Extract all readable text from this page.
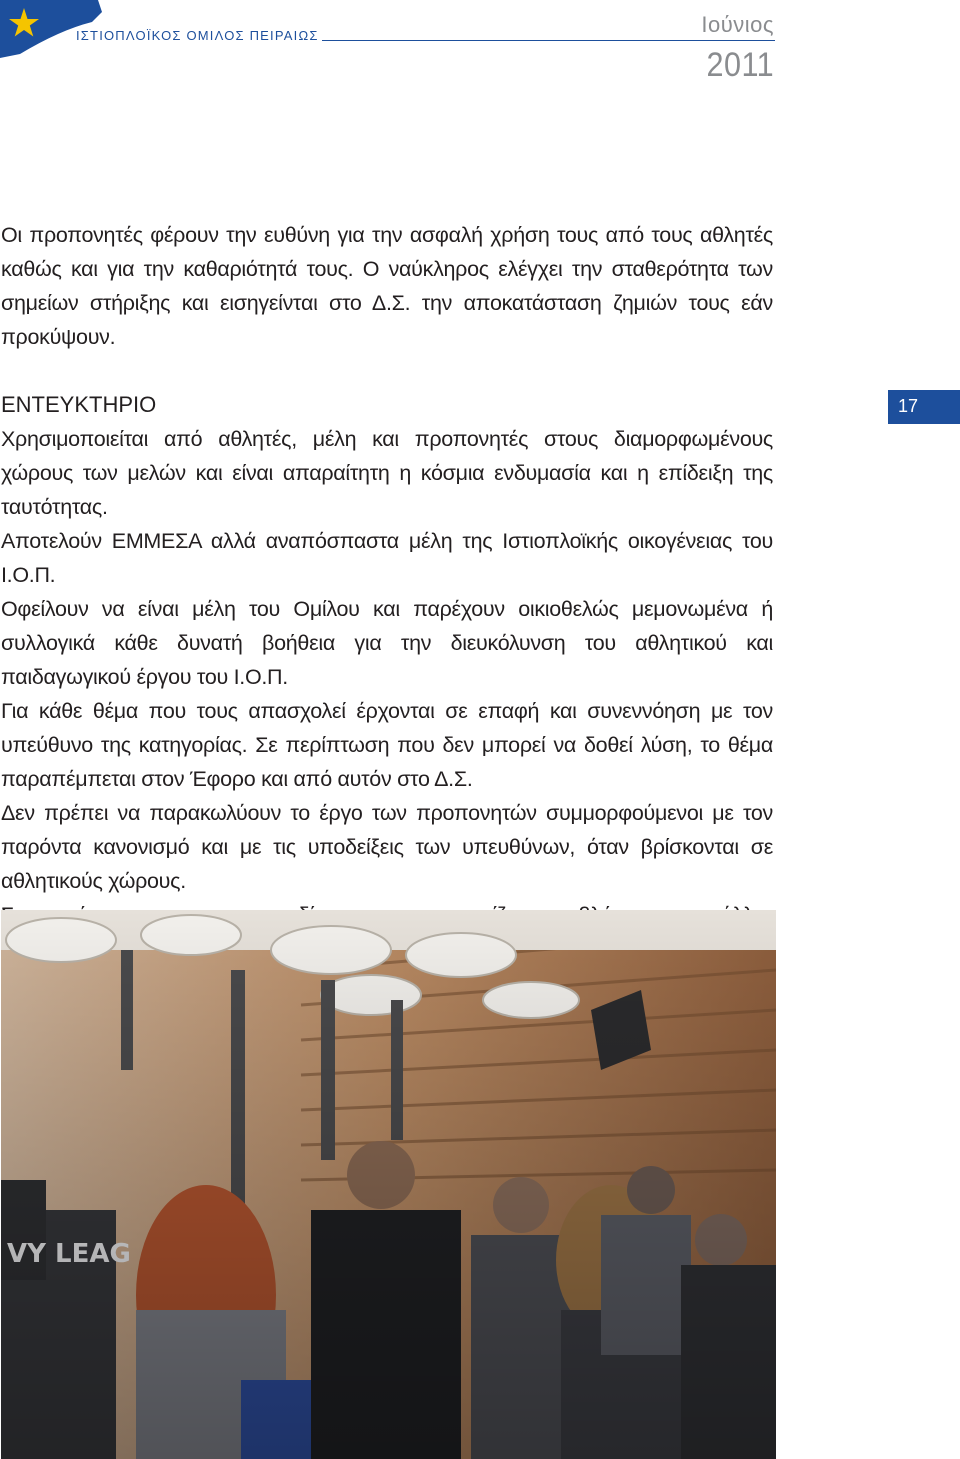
ΙΣΤΙΟΠΛΟΪΚΟΣ ΟΜΙΛΟΣ ΠΕΙΡΑΙΩΣ	Ιούνιος
2011
17

Οι προπονητές φέρουν την ευθύνη για την ασφαλή χρήση τους από τους αθλητές καθώς και για την καθαριότητά τους. Ο ναύκληρος ελέγχει την σταθερότητα των σημείων στήριξης και εισηγείνται στο Δ.Σ. την αποκατάσταση ζημιών τους εάν προκύψουν.

ΕΝΤΕΥΚΤΗΡΙΟ

Χρησιμοποιείται από αθλητές, μέλη και προπονητές στους διαμορφωμένους χώρους των μελών και είναι απαραίτητη η κόσμια ενδυμασία και η επίδειξη της ταυτότητας.

Αποτελούν ΕΜΜΕΣΑ αλλά αναπόσπαστα μέλη της Ιστιοπλοϊκής οικογένειας του Ι.Ο.Π.

Οφείλουν να είναι μέλη του Ομίλου και παρέχουν οικιοθελώς μεμονωμένα ή συλλογικά κάθε δυνατή βοήθεια για την διευκόλυνση του αθλητικού και παιδαγωγικού έργου του Ι.Ο.Π.

Για κάθε θέμα που τους απασχολεί έρχονται σε επαφή και συνεννόηση με τον υπεύθυνο της κατηγορίας. Σε περίπτωση που δεν μπορεί να δοθεί λύση, το θέμα παραπέμπεται στον Έφορο και από αυτόν στο Δ.Σ.

Δεν πρέπει να παρακωλύουν το έργο των προπονητών συμμορφούμενοι με τον παρόντα κανονισμό και με τις υποδείξεις των υπευθύνων, όταν βρίσκονται σε αθλητικούς χώρους.
